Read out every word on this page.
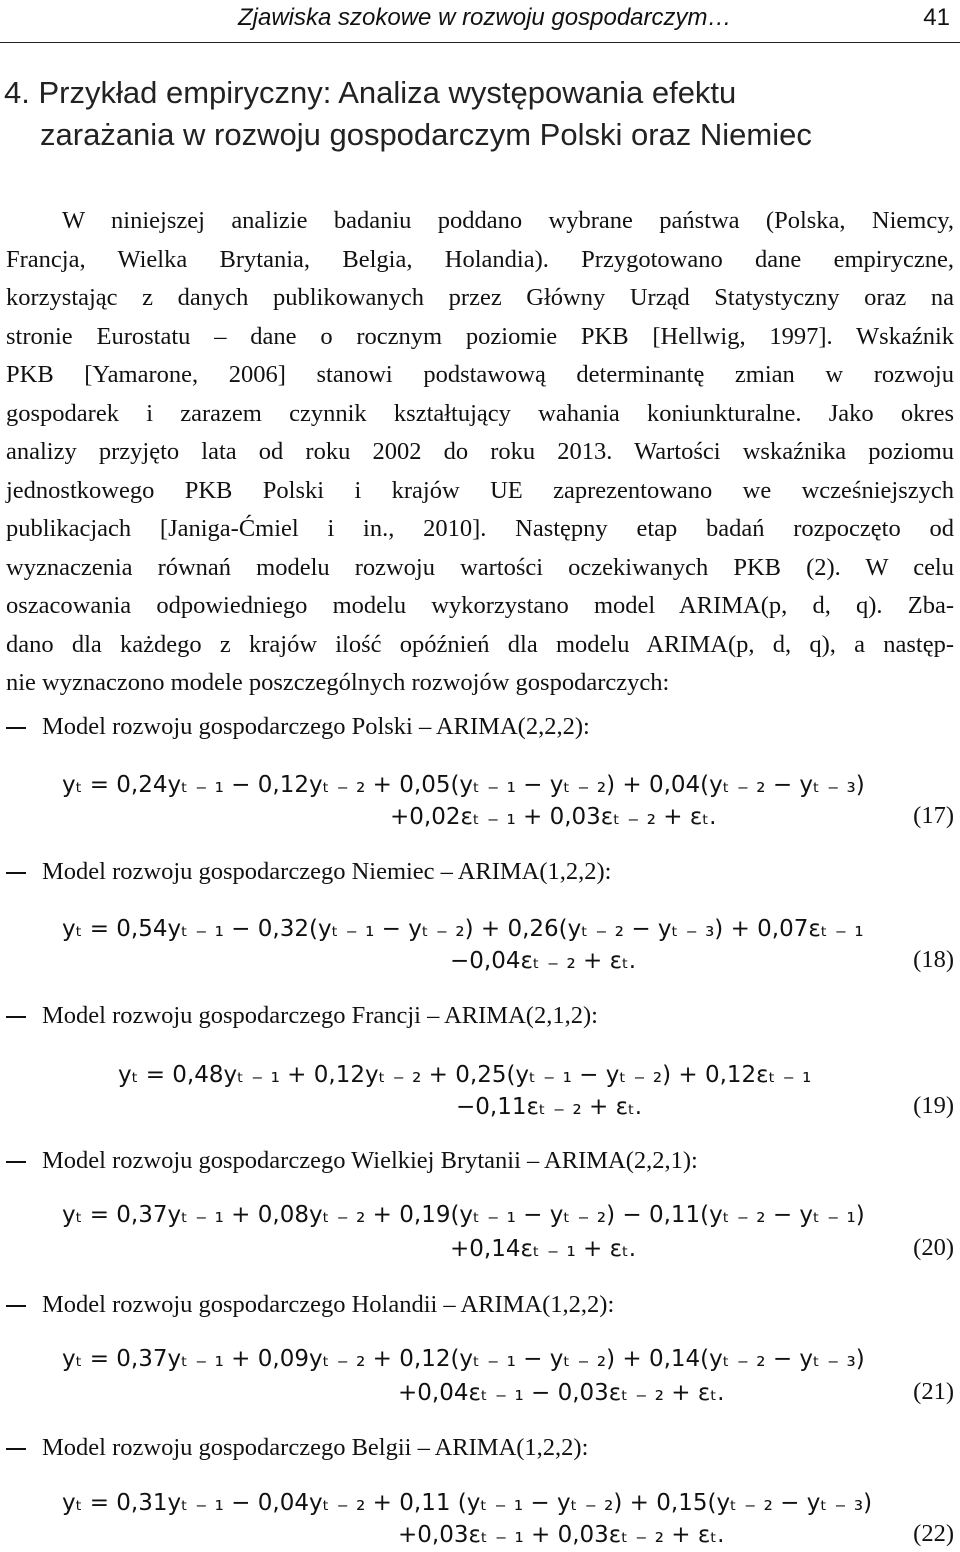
Zjawiska szokowe w rozwoju gospodarczym…	41
4. Przykład empiryczny: Analiza występowania efektu
zarażania w rozwoju gospodarczym Polski oraz Niemiec
W niniejszej analizie badaniu poddano wybrane państwa (Polska, Niemcy,
Francja, Wielka Brytania, Belgia, Holandia). Przygotowano dane empiryczne,
korzystając z danych publikowanych przez Główny Urząd Statystyczny oraz na
stronie Eurostatu – dane o rocznym poziomie PKB [Hellwig, 1997]. Wskaźnik
PKB [Yamarone, 2006] stanowi podstawową determinantę zmian w rozwoju
gospodarek i zarazem czynnik kształtujący wahania koniunkturalne. Jako okres
analizy przyjęto lata od roku 2002 do roku 2013. Wartości wskaźnika poziomu
jednostkowego PKB Polski i krajów UE zaprezentowano we wcześniejszych
publikacjach [Janiga-Ćmiel i in., 2010]. Następny etap badań rozpoczęto od
wyznaczenia równań modelu rozwoju wartości oczekiwanych PKB (2). W celu
oszacowania odpowiedniego modelu wykorzystano model ARIMA(p, d, q). Zba-
dano dla każdego z krajów ilość opóźnień dla modelu ARIMA(p, d, q), a następ-
nie wyznaczono modele poszczególnych rozwojów gospodarczych:
Model rozwoju gospodarczego Polski – ARIMA(2,2,2):
yₜ = 0,24yₜ ₋ ₁ − 0,12yₜ ₋ ₂ + 0,05(yₜ ₋ ₁ − yₜ ₋ ₂) + 0,04(yₜ ₋ ₂ − yₜ ₋ ₃)
+0,02εₜ ₋ ₁ + 0,03εₜ ₋ ₂ + εₜ.	(17)
Model rozwoju gospodarczego Niemiec – ARIMA(1,2,2):
yₜ = 0,54yₜ ₋ ₁ − 0,32(yₜ ₋ ₁ − yₜ ₋ ₂) + 0,26(yₜ ₋ ₂ − yₜ ₋ ₃) + 0,07εₜ ₋ ₁
−0,04εₜ ₋ ₂ + εₜ.	(18)
Model rozwoju gospodarczego Francji – ARIMA(2,1,2):
yₜ = 0,48yₜ ₋ ₁ + 0,12yₜ ₋ ₂ + 0,25(yₜ ₋ ₁ − yₜ ₋ ₂) + 0,12εₜ ₋ ₁
−0,11εₜ ₋ ₂ + εₜ.	(19)
Model rozwoju gospodarczego Wielkiej Brytanii – ARIMA(2,2,1):
yₜ = 0,37yₜ ₋ ₁ + 0,08yₜ ₋ ₂ + 0,19(yₜ ₋ ₁ − yₜ ₋ ₂) − 0,11(yₜ ₋ ₂ − yₜ ₋ ₁)
+0,14εₜ ₋ ₁ + εₜ.	(20)
Model rozwoju gospodarczego Holandii – ARIMA(1,2,2):
yₜ = 0,37yₜ ₋ ₁ + 0,09yₜ ₋ ₂ + 0,12(yₜ ₋ ₁ − yₜ ₋ ₂) + 0,14(yₜ ₋ ₂ − yₜ ₋ ₃)
+0,04εₜ ₋ ₁ − 0,03εₜ ₋ ₂ + εₜ.	(21)
Model rozwoju gospodarczego Belgii – ARIMA(1,2,2):
yₜ = 0,31yₜ ₋ ₁ − 0,04yₜ ₋ ₂ + 0,11 (yₜ ₋ ₁ − yₜ ₋ ₂) + 0,15(yₜ ₋ ₂ − yₜ ₋ ₃)
+0,03εₜ ₋ ₁ + 0,03εₜ ₋ ₂ + εₜ.	(22)
